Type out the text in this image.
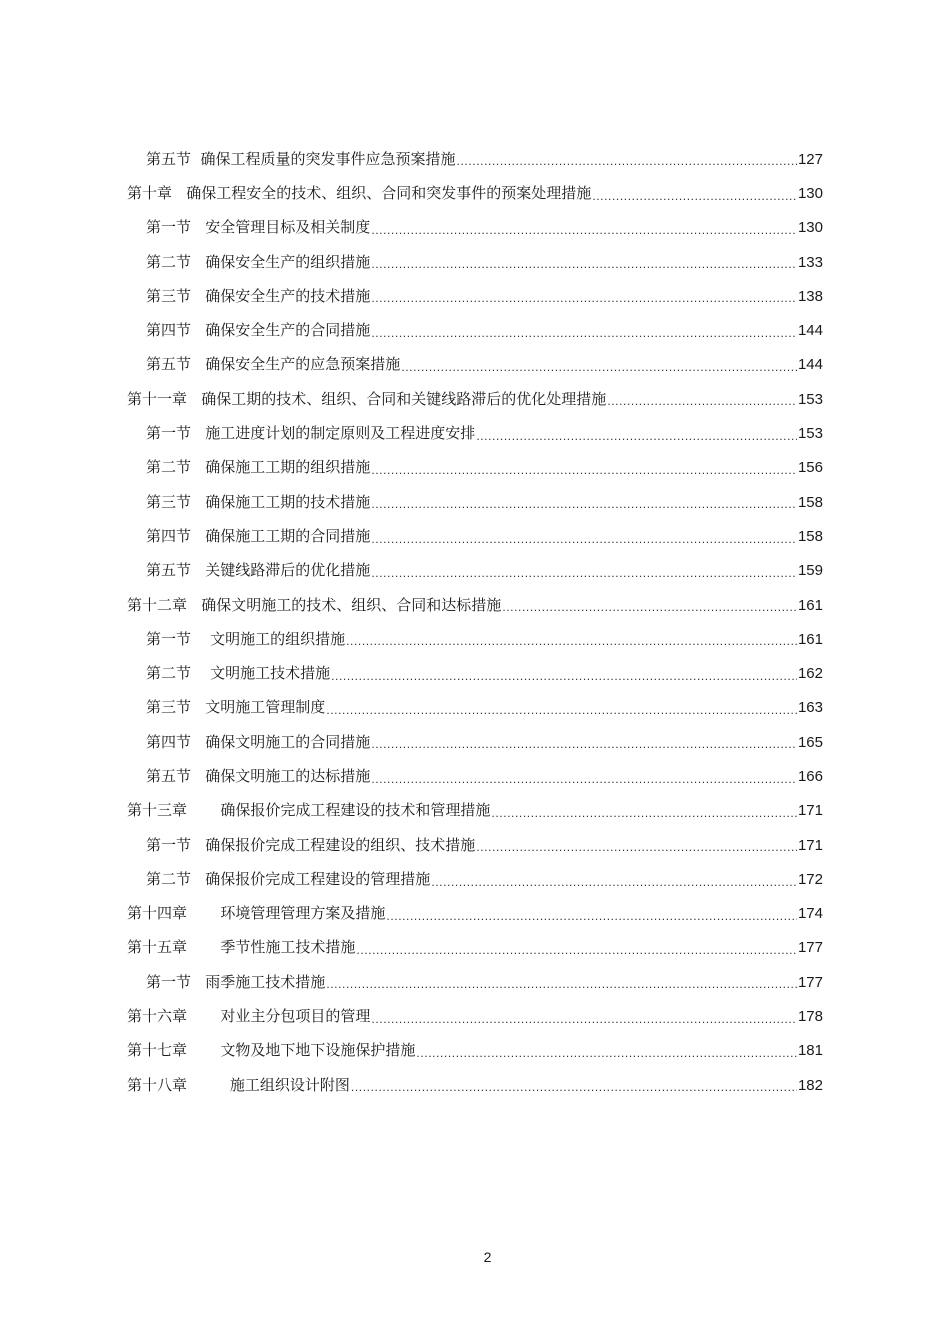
第五节  确保工程质量的突发事件应急预案措施 .....	127
第十章   确保工程安全的技术、组织、合同和突发事件的预案处理措施 .....	130
第一节   安全管理目标及相关制度 .....	130
第二节   确保安全生产的组织措施 .....	133
第三节   确保安全生产的技术措施 .....	138
第四节   确保安全生产的合同措施 .....	144
第五节   确保安全生产的应急预案措施 .....	144
第十一章   确保工期的技术、组织、合同和关键线路滞后的优化处理措施 .....	153
第一节   施工进度计划的制定原则及工程进度安排 .....	153
第二节   确保施工工期的组织措施 .....	156
第三节   确保施工工期的技术措施 .....	158
第四节   确保施工工期的合同措施 .....	158
第五节   关键线路滞后的优化措施 .....	159
第十二章   确保文明施工的技术、组织、合同和达标措施 .....	161
第一节    文明施工的组织措施 .....	161
第二节    文明施工技术措施 .....	162
第三节   文明施工管理制度 .....	163
第四节   确保文明施工的合同措施 .....	165
第五节   确保文明施工的达标措施 .....	166
第十三章       确保报价完成工程建设的技术和管理措施 .....	171
第一节   确保报价完成工程建设的组织、技术措施 .....	171
第二节   确保报价完成工程建设的管理措施 .....	172
第十四章       环境管理管理方案及措施 .....	174
第十五章       季节性施工技术措施 .....	177
第一节   雨季施工技术措施 .....	177
第十六章       对业主分包项目的管理 .....	178
第十七章       文物及地下地下设施保护措施 .....	181
第十八章         施工组织设计附图 .....	182
2
